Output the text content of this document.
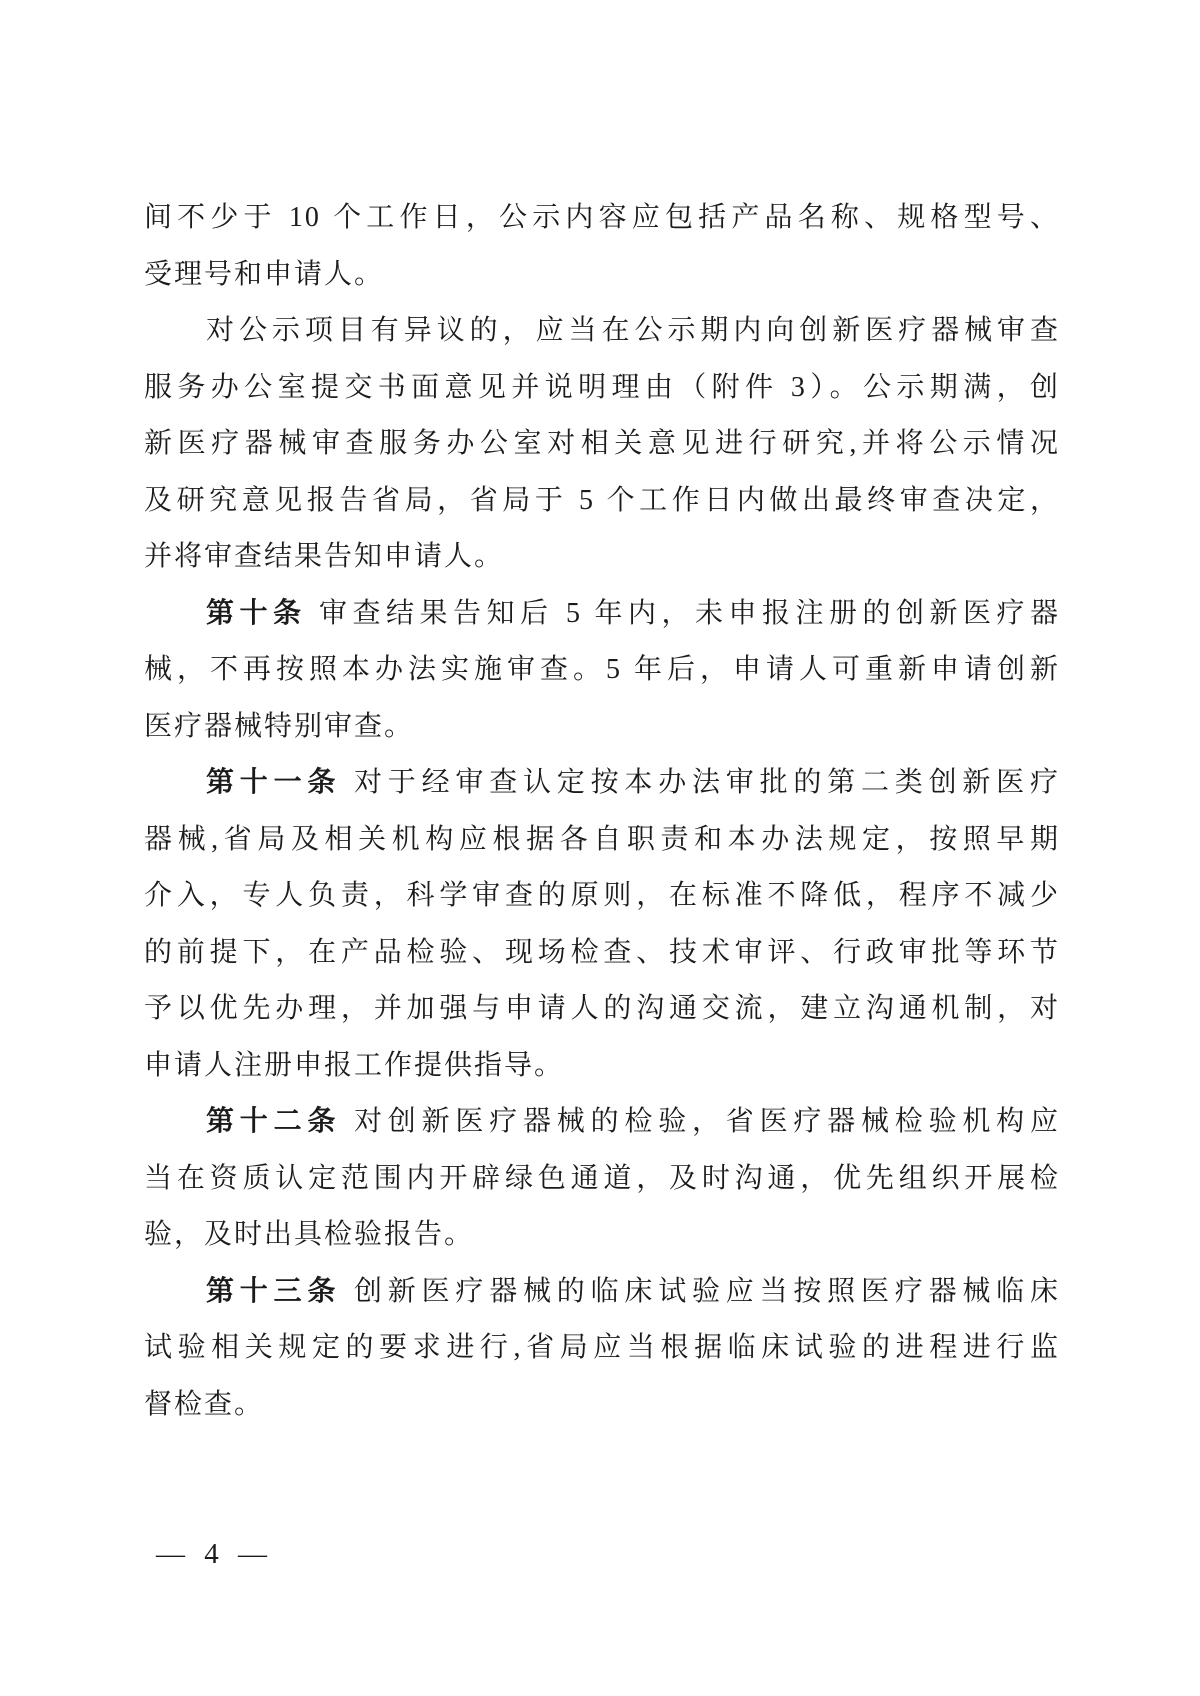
间不少于 10 个工作日，公示内容应包括产品名称、规格型号、
受理号和申请人。
对公示项目有异议的，应当在公示期内向创新医疗器械审查
服务办公室提交书面意见并说明理由（附件 3）。公示期满，创
新医疗器械审查服务办公室对相关意见进行研究,并将公示情况
及研究意见报告省局，省局于 5 个工作日内做出最终审查决定，
并将审查结果告知申请人。
第十条 审查结果告知后 5 年内，未申报注册的创新医疗器
械，不再按照本办法实施审查。5 年后，申请人可重新申请创新
医疗器械特别审查。
第十一条 对于经审查认定按本办法审批的第二类创新医疗
器械,省局及相关机构应根据各自职责和本办法规定，按照早期
介入，专人负责，科学审查的原则，在标准不降低，程序不减少
的前提下，在产品检验、现场检查、技术审评、行政审批等环节
予以优先办理，并加强与申请人的沟通交流，建立沟通机制，对
申请人注册申报工作提供指导。
第十二条 对创新医疗器械的检验，省医疗器械检验机构应
当在资质认定范围内开辟绿色通道，及时沟通，优先组织开展检
验，及时出具检验报告。
第十三条 创新医疗器械的临床试验应当按照医疗器械临床
试验相关规定的要求进行,省局应当根据临床试验的进程进行监
督检查。
— 4 —
